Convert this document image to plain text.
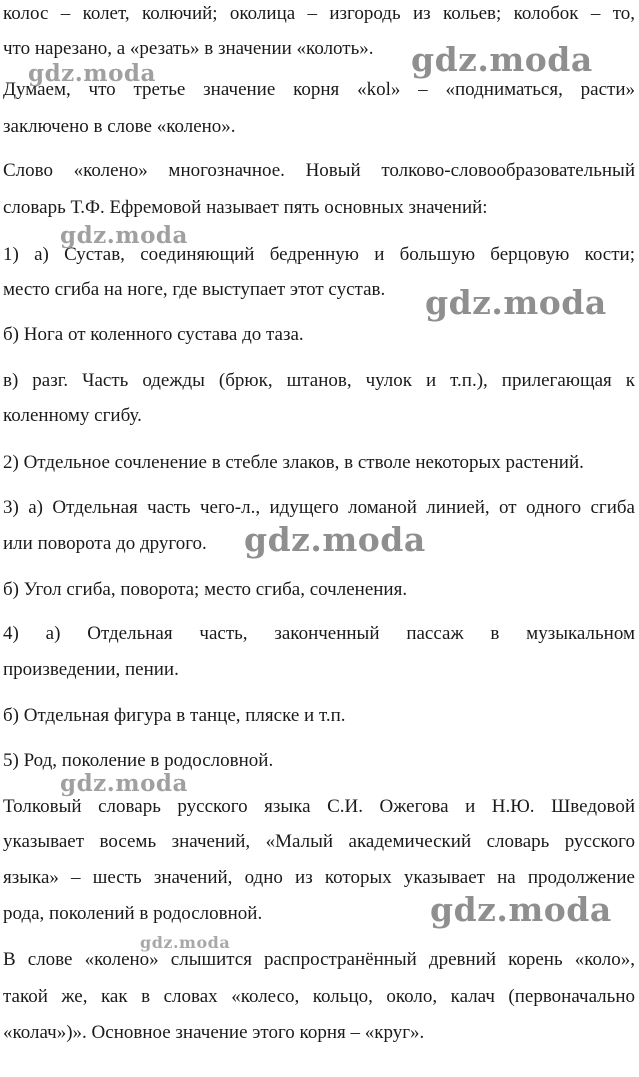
колос – колет, колючий; околица – изгородь из кольев; колобок – то,
что нарезано, а «резать» в значении «колоть».
Думаем, что третье значение корня «kol» – «подниматься, расти»
заключено в слове «колено».
Слово «колено» многозначное. Новый толково-словообразовательный
словарь Т.Ф. Ефремовой называет пять основных значений:
1) а) Сустав, соединяющий бедренную и большую берцовую кости;
место сгиба на ноге, где выступает этот сустав.
б) Нога от коленного сустава до таза.
в) разг. Часть одежды (брюк, штанов, чулок и т.п.), прилегающая к
коленному сгибу.
2) Отдельное сочленение в стебле злаков, в стволе некоторых растений.
3) а) Отдельная часть чего-л., идущего ломаной линией, от одного сгиба
или поворота до другого.
б) Угол сгиба, поворота; место сгиба, сочленения.
4) а) Отдельная часть, законченный пассаж в музыкальном
произведении, пении.
б) Отдельная фигура в танце, пляске и т.п.
5) Род, поколение в родословной.
Толковый словарь русского языка С.И. Ожегова и Н.Ю. Шведовой
указывает восемь значений, «Малый академический словарь русского
языка» – шесть значений, одно из которых указывает на продолжение
рода, поколений в родословной.
В слове «колено» слышится распространённый древний корень «коло»,
такой же, как в словах «колесо, кольцо, около, калач (первоначально
«колач»)». Основное значение этого корня – «круг».
gdz.moda
gdz.moda
gdz.moda
gdz.moda
gdz.moda
gdz.moda
gdz.moda
gdz.moda
